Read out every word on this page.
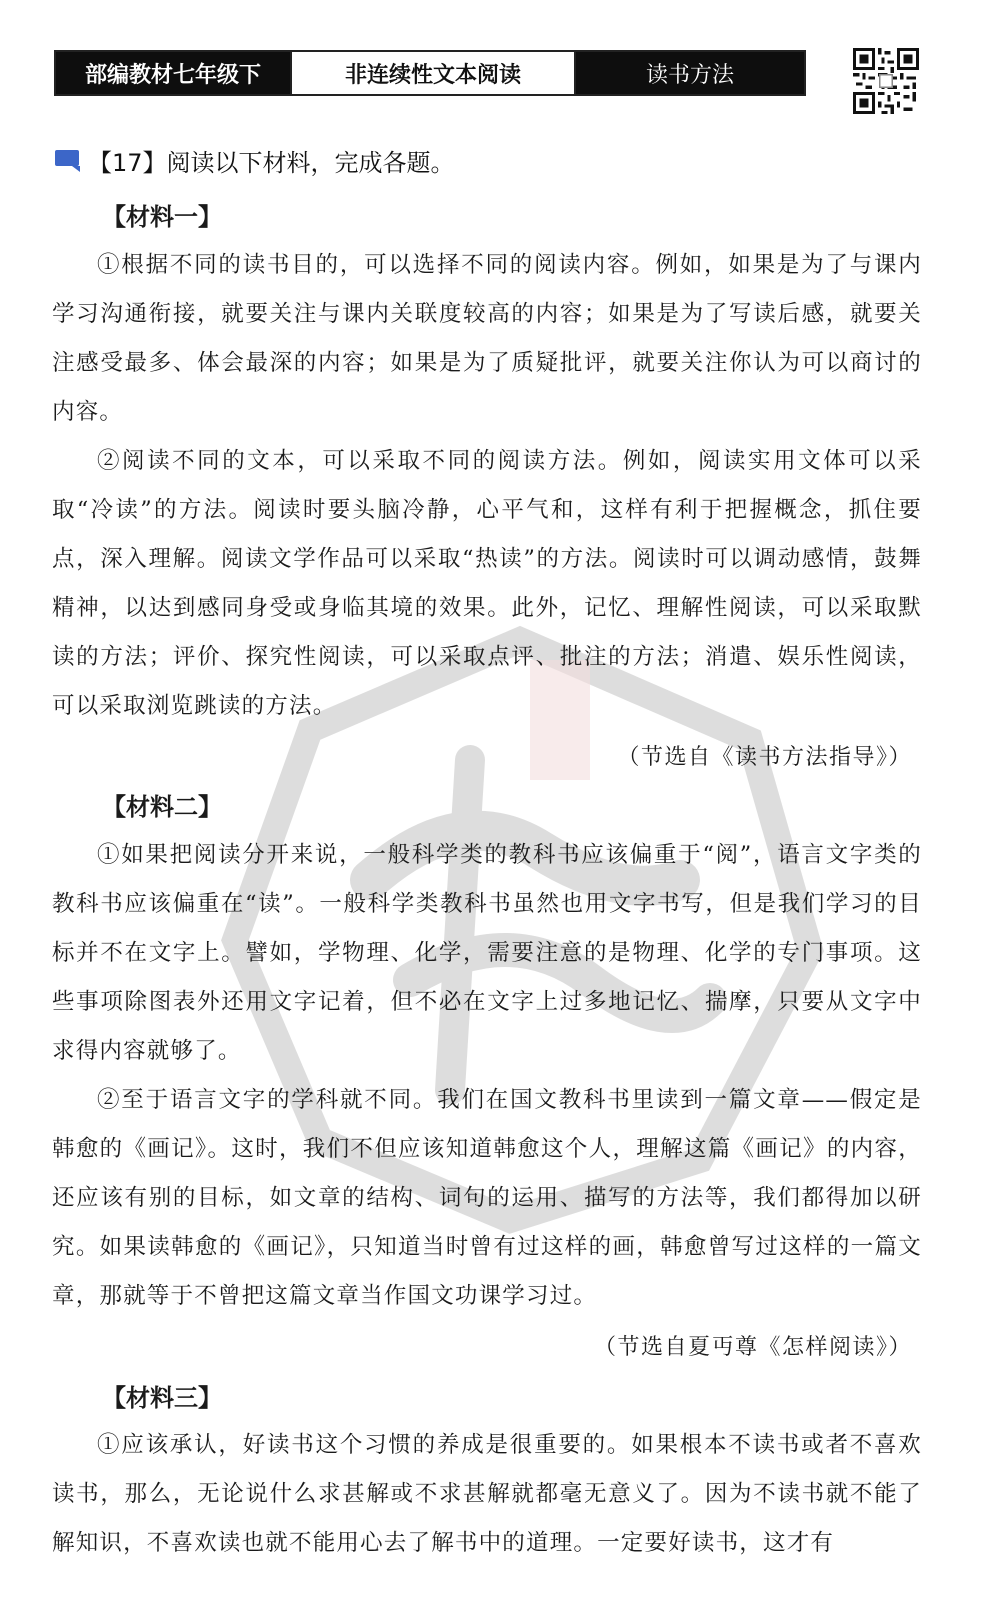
部编教材七年级下	非连续性文本阅读	读书方法
【17】阅读以下材料，完成各题。
【材料一】

①根据不同的读书目的，可以选择不同的阅读内容。例如，如果是为了与课内学习沟通衔接，就要关注与课内关联度较高的内容；如果是为了写读后感，就要关注感受最多、体会最深的内容；如果是为了质疑批评，就要关注你认为可以商讨的内容。

②阅读不同的文本，可以采取不同的阅读方法。例如，阅读实用文体可以采取“冷读”的方法。阅读时要头脑冷静，心平气和，这样有利于把握概念，抓住要点，深入理解。阅读文学作品可以采取“热读”的方法。阅读时可以调动感情，鼓舞精神，以达到感同身受或身临其境的效果。此外，记忆、理解性阅读，可以采取默读的方法；评价、探究性阅读，可以采取点评、批注的方法；消遣、娱乐性阅读，可以采取浏览跳读的方法。

（节选自《读书方法指导》）
【材料二】

①如果把阅读分开来说，一般科学类的教科书应该偏重于“阅”，语言文字类的教科书应该偏重在“读”。一般科学类教科书虽然也用文字书写，但是我们学习的目标并不在文字上。譬如，学物理、化学，需要注意的是物理、化学的专门事项。这些事项除图表外还用文字记着，但不必在文字上过多地记忆、揣摩，只要从文字中求得内容就够了。

②至于语言文字的学科就不同。我们在国文教科书里读到一篇文章——假定是韩愈的《画记》。这时，我们不但应该知道韩愈这个人，理解这篇《画记》的内容，还应该有别的目标，如文章的结构、词句的运用、描写的方法等，我们都得加以研究。如果读韩愈的《画记》，只知道当时曾有过这样的画，韩愈曾写过这样的一篇文章，那就等于不曾把这篇文章当作国文功课学习过。

（节选自夏丏尊《怎样阅读》）
【材料三】

①应该承认，好读书这个习惯的养成是很重要的。如果根本不读书或者不喜欢读书，那么，无论说什么求甚解或不求甚解就都毫无意义了。因为不读书就不能了解知识，不喜欢读也就不能用心去了解书中的道理。一定要好读书，这才有
